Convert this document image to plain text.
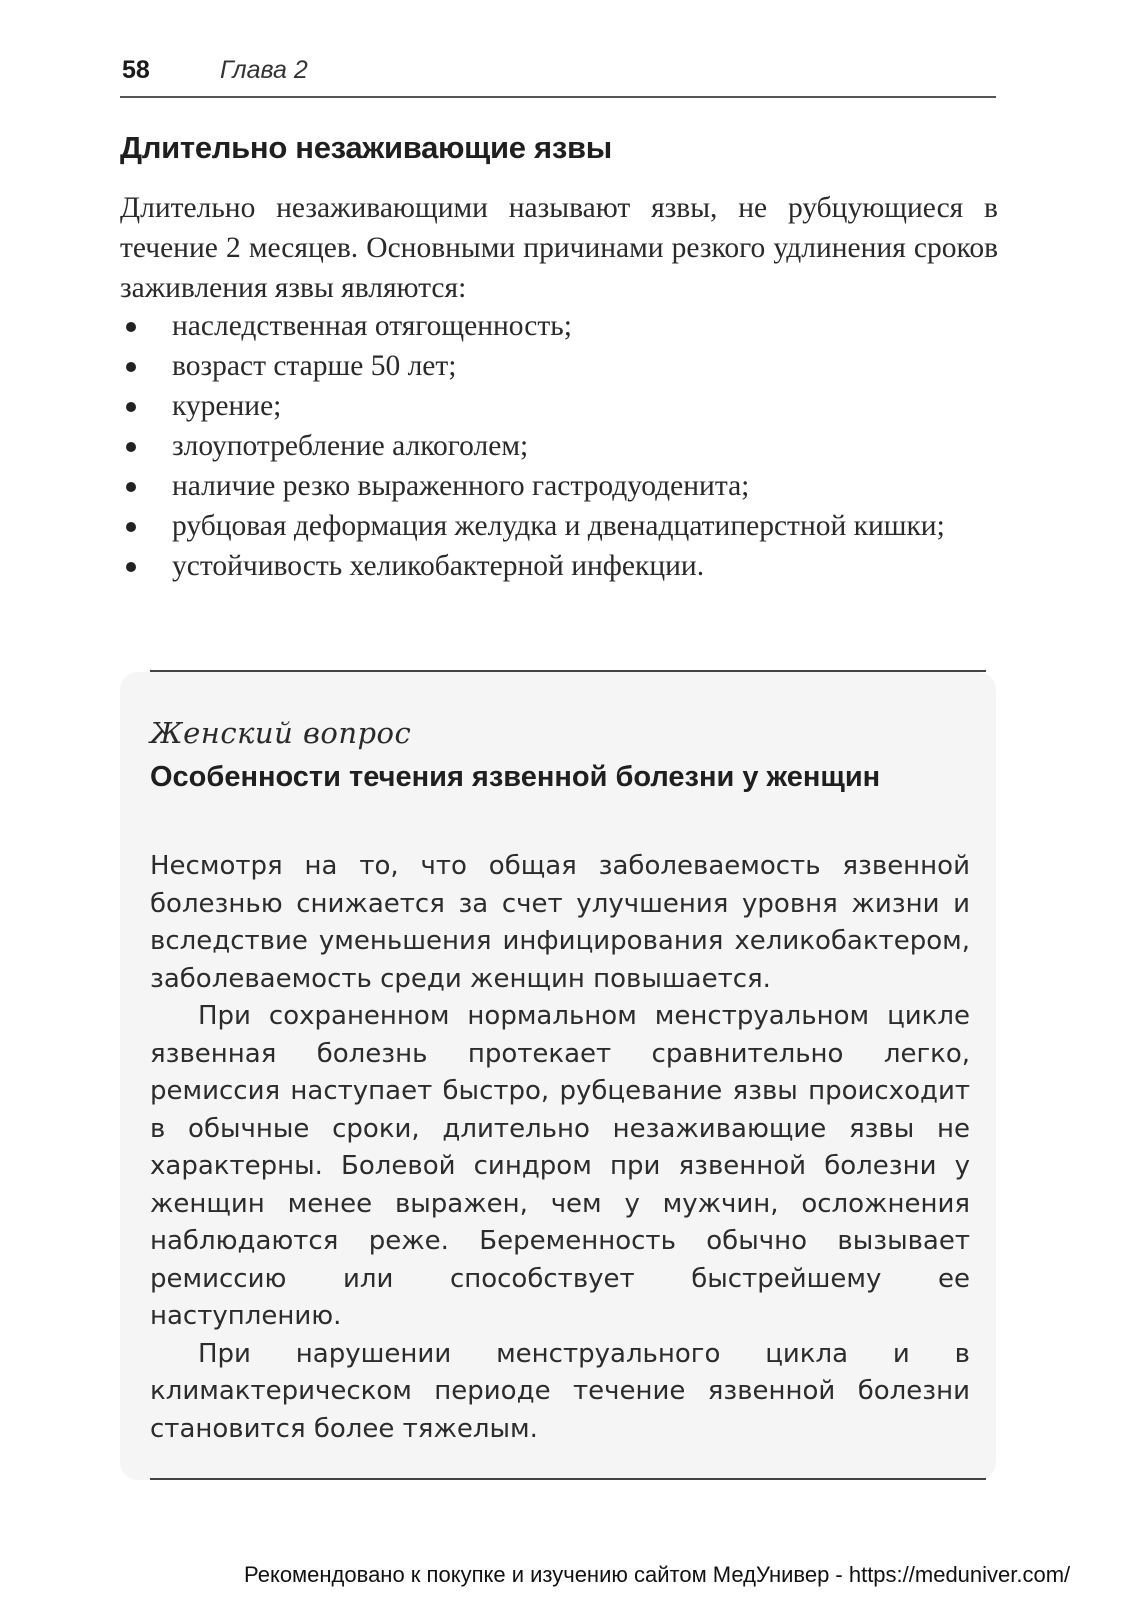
58	Глава 2
Длительно незаживающие язвы

Длительно незаживающими называют язвы, не рубцующиеся в течение 2 месяцев. Основными причинами резкого удлинения сроков заживления язвы являются:

наследственная отягощенность;
возраст старше 50 лет;
курение;
злоупотребление алкоголем;
наличие резко выраженного гастродуоденита;
рубцовая деформация желудка и двенадцатиперстной кишки;
устойчивость хеликобактерной инфекции.
Женский вопрос
Особенности течения язвенной болезни у женщин

Несмотря на то, что общая заболеваемость язвенной болезнью снижается за счет улучшения уровня жизни и вследствие уменьшения инфицирования хеликобактером, заболеваемость среди женщин повышается.

При сохраненном нормальном менструальном цикле язвенная болезнь протекает сравнительно легко, ремиссия наступает быстро, рубцевание язвы происходит в обычные сроки, длительно незаживающие язвы не характерны. Болевой синдром при язвенной болезни у женщин менее выражен, чем у мужчин, осложнения наблюдаются реже. Беременность обычно вызывает ремиссию или способствует быстрейшему ее наступлению.

При нарушении менструального цикла и в климактерическом периоде течение язвенной болезни становится более тяжелым.

Рекомендовано к покупке и изучению сайтом МедУнивер - https://meduniver.com/
